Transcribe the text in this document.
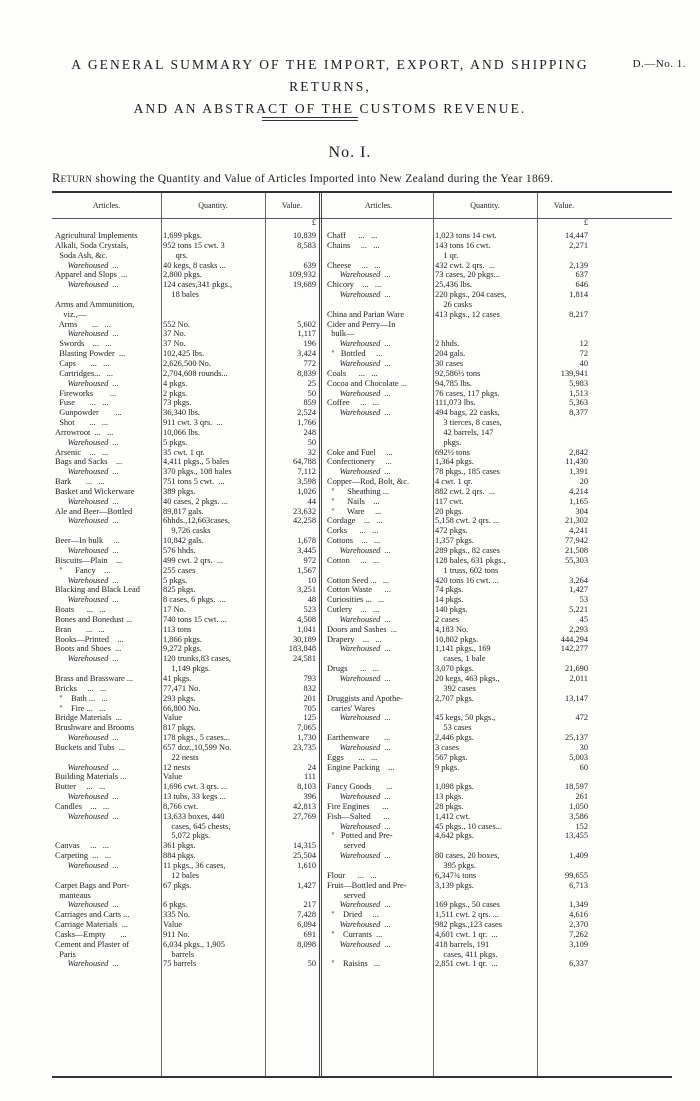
D.—No. 1.
A GENERAL SUMMARY OF THE IMPORT, EXPORT, AND SHIPPING RETURNS,
AND AN ABSTRACT OF THE CUSTOMS REVENUE.
No. I.
Return showing the Quantity and Value of Articles Imported into New Zealand during the Year 1869.
Articles.	Quantity.	Value.	Articles.	Quantity.	Value.
£
Agricultural Implements	1,699 pkgs.	10,839
Alkali, Soda Crystals,	952 tons 15 cwt. 3	8,583
Soda Ash, &c.	qrs.
Warehoused  ...	40 kegs, 8 casks ...	639
Apparel and Slops  ...	2,800 pkgs.	109,932
Warehoused  ...	124 cases,341 pkgs.,	19,689
18 bales
Arms and Ammunition,
viz.,—
Arms       ...   ...	552 No.	5,602
Warehoused  ...	37 No.	1,117
Swords    ...   ...	37 No.	196
Blasting Powder  ...	102,425 lbs.	3,424
Caps       ...   ...	2,626,500 No.	772
Cartridges...   ...	2,704,608 rounds...	8,839
Warehoused  ...	4 pkgs.	25
Fireworks        ...	2 pkgs.	50
Fuse       ...   ...	73 pkgs.	859
Gunpowder        ...	36,340 lbs.	2,524
Shot       ...   ...	911 cwt. 3 qrs.  ...	1,766
Arrowroot  ...   ...	10,066 lbs.	248
Warehoused  ...	5 pkgs.	50
Arsenic    ...   ...	35 cwt. 1 qr.	32
Bags and Sacks    ...	4,411 pkgs., 5 bales	64,788
Warehoused  ...	370 pkgs., 108 bales	7,112
Bark       ...   ...	751 tons 5 cwt.  ...	3,598
Basket and Wickerware	389 pkgs.	1,026
Warehoused  ...	40 cases, 2 pkgs. ...	44
Ale and Beer—Bottled	89,817 gals.	23,632
Warehoused  ...	6hhds.,12,663cases,	42,258
9,726 casks
Beer—In bulk     ...	10,842 gals.	1,678
Warehoused  ...	576 hhds.	3,445
Biscuits—Plain    ...	499 cwt. 2 qrs.  ...	972
"      Fancy    ...	255 cases	1,567
Warehoused  ...	5 pkgs.	10
Blacking and Black Lead	825 pkgs.	3,251
Warehoused  ...	8 cases, 6 pkgs.  ...	48
Boats      ...   ...	17 No.	523
Bones and Bonedust ...	740 tons 15 cwt. ...	4,508
Bran       ...   ...	113 tons	1,041
Books—Printed    ...	1,866 pkgs.	30,189
Boots and Shoes  ...	9,272 pkgs.	183,848
Warehoused  ...	120 trunks,83 cases,	24,581
1,149 pkgs.
Brass and Brassware ...	41 pkgs.	793
Bricks     ...   ...	77,471 No.	832
"    Bath ...   ...	293 pkgs.	201
"    Fire ...   ...	66,800 No.	705
Bridge Materials  ...	Value	125
Brushware and Brooms	817 pkgs.	7,065
Warehoused  ...	178 pkgs., 5 cases...	1,730
Buckets and Tubs  ...	657 doz.,10,599 No.	23,735
22 nests
Warehoused  ...	12 nests	24
Building Materials ...	Value	111
Butter     ...   ...	1,696 cwt. 3 qrs. ...	8,103
Warehoused  ...	13 tubs, 33 kegs ...	396
Candles    ...   ...	8,766 cwt.	42,813
Warehoused  ...	13,633 boxes, 440	27,769
cases, 645 chests,
5,072 pkgs.
Canvas     ...   ...	361 pkgs.	14,315
Carpeting  ...   ...	884 pkgs.	25,504
Warehoused  ...	11 pkgs., 36 cases,	1,610
12 bales
Carpet Bags and Port-	67 pkgs.	1,427
manteaus
Warehoused  ...	6 pkgs.	217
Carriages and Carts ...	335 No.	7,428
Carriage Materials  ...	Value	6,094
Casks—Empty       ...	911 No.	691
Cement and Plaster of	6,034 pkgs., 1,905	8,098
Paris	barrels
Warehoused  ...	75 barrels	50
£
Chaff      ...   ...	1,023 tons 14 cwt.	14,447
Chains     ...   ...	143 tons 16 cwt.	2,271
1 qr.
Cheese     ...   ...	432 cwt. 2 qrs.  ...	2,139
Warehoused  ...	73 cases, 20 pkgs...	637
Chicory    ...   ...	25,436 lbs.	646
Warehoused  ...	220 pkgs., 204 cases,	1,814
26 casks
China and Parian Ware	413 pkgs., 12 cases	8,217
Cider and Perry—In
bulk—
Warehoused  ...	2 hhds.	12
"   Bottled     ...	204 gals.	72
Warehoused  ...	30 cases	40
Coals      ...   ...	92,586½ tons	139,941
Cocoa and Chocolate ...	94,785 lbs.	5,983
Warehoused  ...	76 cases, 117 pkgs.	1,513
Coffee     ...   ...	111,073 lbs.	5,363
Warehoused  ...	494 bags, 22 casks,	8,377
3 tierces, 8 cases,
42 barrels, 147
pkgs.
Coke and Fuel     ...	692½ tons	2,842
Confectionery     ...	1,364 pkgs.	11,430
Warehoused  ...	78 pkgs., 185 cases	1,391
Copper—Rod, Bolt, &c.	4 cwt. 1 qr.	20
"      Sheathing ...	882 cwt. 2 qrs.  ...	4,214
"      Nails    ...	117 cwt.	1,165
"      Ware     ...	20 pkgs.	304
Cordage    ...   ...	5,158 cwt. 2 qrs. ...	21,302
Corks      ...   ...	472 pkgs.	4,241
Cottons    ...   ...	1,357 pkgs.	77,942
Warehoused  ...	289 pkgs., 82 cases	21,508
Cotton     ...   ...	128 bales, 631 pkgs.,	55,303
1 truss, 602 tons
Cotton Seed ...   ...	420 tons 16 cwt. ...	3,264
Cotton Waste      ...	74 pkgs.	1,427
Curiosities ...   ...	14 pkgs.	53
Cutlery    ...   ...	140 pkgs.	5,221
Warehoused  ...	2 cases	45
Doors and Sashes  ...	4,183 No.	2,293
Drapery    ...   ...	10,802 pkgs.	444,294
Warehoused  ...	1,141 pkgs., 169	142,277
cases, 1 bale
Drugs      ...   ...	3,070 pkgs.	21,690
Warehoused  ...	20 kegs, 463 pkgs.,	2,011
392 cases
Druggists and Apothe-	2,707 pkgs.	13,147
caries' Wares
Warehoused  ...	45 kegs, 50 pkgs.,	472
53 cases
Earthenware       ...	2,446 pkgs.	25,137
Warehoused  ...	3 cases	30
Eggs       ...   ...	567 pkgs.	5,003
Engine Packing    ...	9 pkgs.	60
Fancy Goods       ...	1,098 pkgs.	18,597
Warehoused  ...	13 pkgs.	261
Fire Engines      ...	28 pkgs.	1,050
Fish—Salted      ...	1,412 cwt.	3,586
Warehoused  ...	45 pkgs., 10 cases...	152
"   Potted and Pre-	4,642 pkgs.	13,455
served
Warehoused  ...	80 cases, 20 boxes,	1,409
395 pkgs.
Flour      ...   ...	6,347¾ tons	99,655
Fruit—Bottled and Pre-	3,139 pkgs.	6,713
served
Warehoused  ...	169 pkgs., 50 cases	1,349
"    Dried     ...	1,511 cwt. 2 qrs. ...	4,616
Warehoused  ...	982 pkgs.,123 cases	2,370
"    Currants  ...	4,601 cwt. 1 qr.  ...	7,262
Warehoused  ...	418 barrels, 191	3,109
cases, 411 pkgs.
"    Raisins   ...	2,851 cwt. 1 qr.  ...	6,337
